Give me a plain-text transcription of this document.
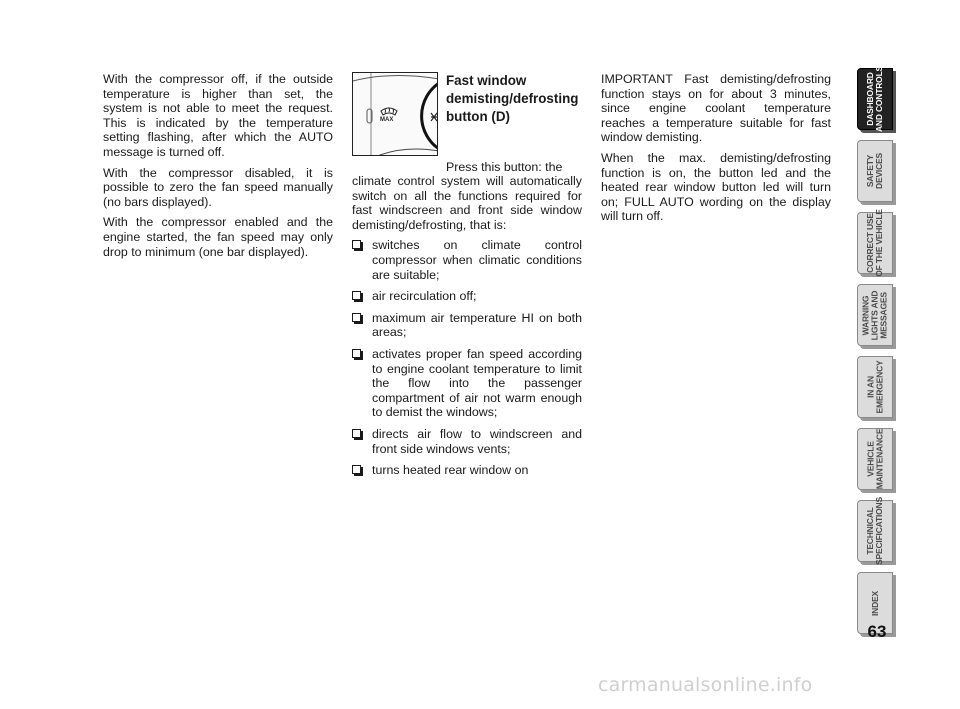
With the compressor off, if the outside temperature is higher than set, the system is not able to meet the request. This is indicated by the temperature setting flashing, after which the AUTO message is turned off.

With the compressor disabled, it is possible to zero the fan speed manually (no bars displayed).

With the compressor enabled and the engine started, the fan speed may only drop to minimum (one bar displayed).

MAX
Fast window demisting/defrosting button (D)
Press this button: the

climate control system will automatically switch on all the functions required for fast windscreen and front side window demisting/defrosting, that is:

switches on climate control compressor when climatic conditions are suitable;
air recirculation off;
maximum air temperature HI on both areas;
activates proper fan speed according to engine coolant temperature to limit the flow into the passenger compartment of air not warm enough to demist the windows;
directs air flow to windscreen and front side windows vents;
turns heated rear window on

IMPORTANT Fast demisting/defrosting function stays on for about 3 minutes, since engine coolant temperature reaches a temperature suitable for fast window demisting.

When the max. demisting/defrosting function is on, the button led and the heated rear window button led will turn on; FULL AUTO wording on the display will turn off.

DASHBOARD
AND CONTROLS
SAFETY
DEVICES
CORRECT USE
OF THE VEHICLE
WARNING
LIGHTS AND
MESSAGES
IN AN
EMERGENCY
VEHICLE
MAINTENANCE
TECHNICAL
SPECIFICATIONS
INDEX
63
carmanualsonline.info
